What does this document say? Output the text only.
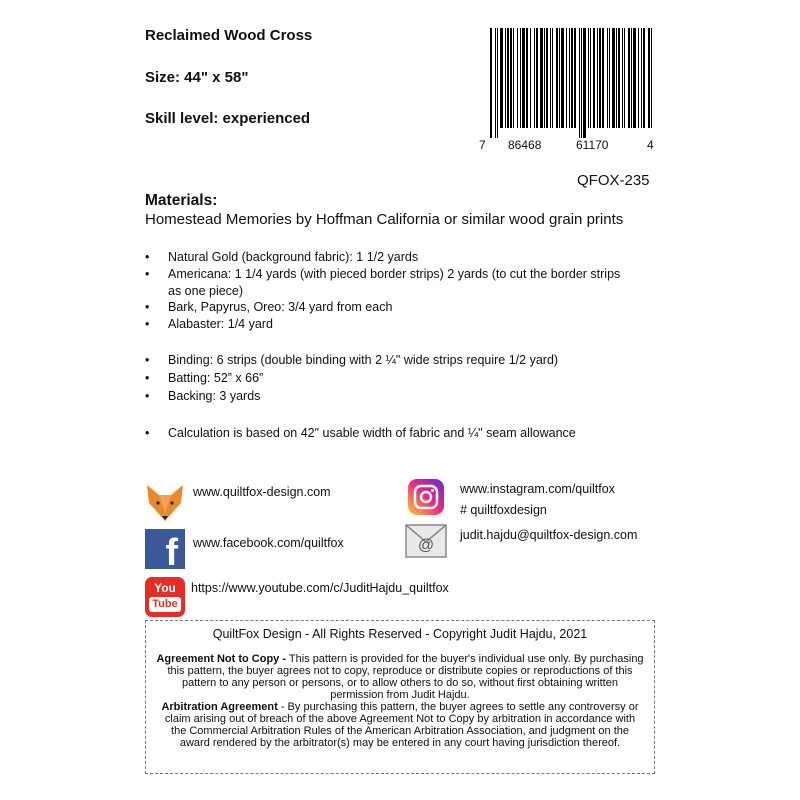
Reclaimed Wood Cross
Size: 44" x 58"
Skill level: experienced
7 86468	61170	4
QFOX-235
Materials:
Homestead Memories by Hoffman California or similar wood grain prints
• Natural Gold (background fabric): 1 1/2 yards
• Americana: 1 1/4 yards (with pieced border strips) 2 yards (to cut the border strips as one piece)
• Bark, Papyrus, Oreo: 3/4 yard from each
• Alabaster: 1/4 yard
• Binding: 6 strips (double binding with 2 ¼" wide strips require 1/2 yard)
• Batting: 52” x 66”
• Backing: 3 yards
• Calculation is based on 42" usable width of fabric and ¼" seam allowance
www.quiltfox-design.com
f www.facebook.com/quiltfox
You
Tube
https://www.youtube.com/c/JuditHajdu_quiltfox
www.instagram.com/quiltfox
# quiltfoxdesign
@
judit.hajdu@quiltfox-design.com
QuiltFox Design - All Rights Reserved - Copyright Judit Hajdu, 2021
Agreement Not to Copy - This pattern is provided for the buyer's individual use only. By purchasing this pattern, the buyer agrees not to copy, reproduce or distribute copies or reproductions of this pattern to any person or persons, or to allow others to do so, without first obtaining written permission from Judit Hajdu.
Arbitration Agreement - By purchasing this pattern, the buyer agrees to settle any controversy or claim arising out of breach of the above Agreement Not to Copy by arbitration in accordance with the Commercial Arbitration Rules of the American Arbitration Association, and judgment on the award rendered by the arbitrator(s) may be entered in any court having jurisdiction thereof.
